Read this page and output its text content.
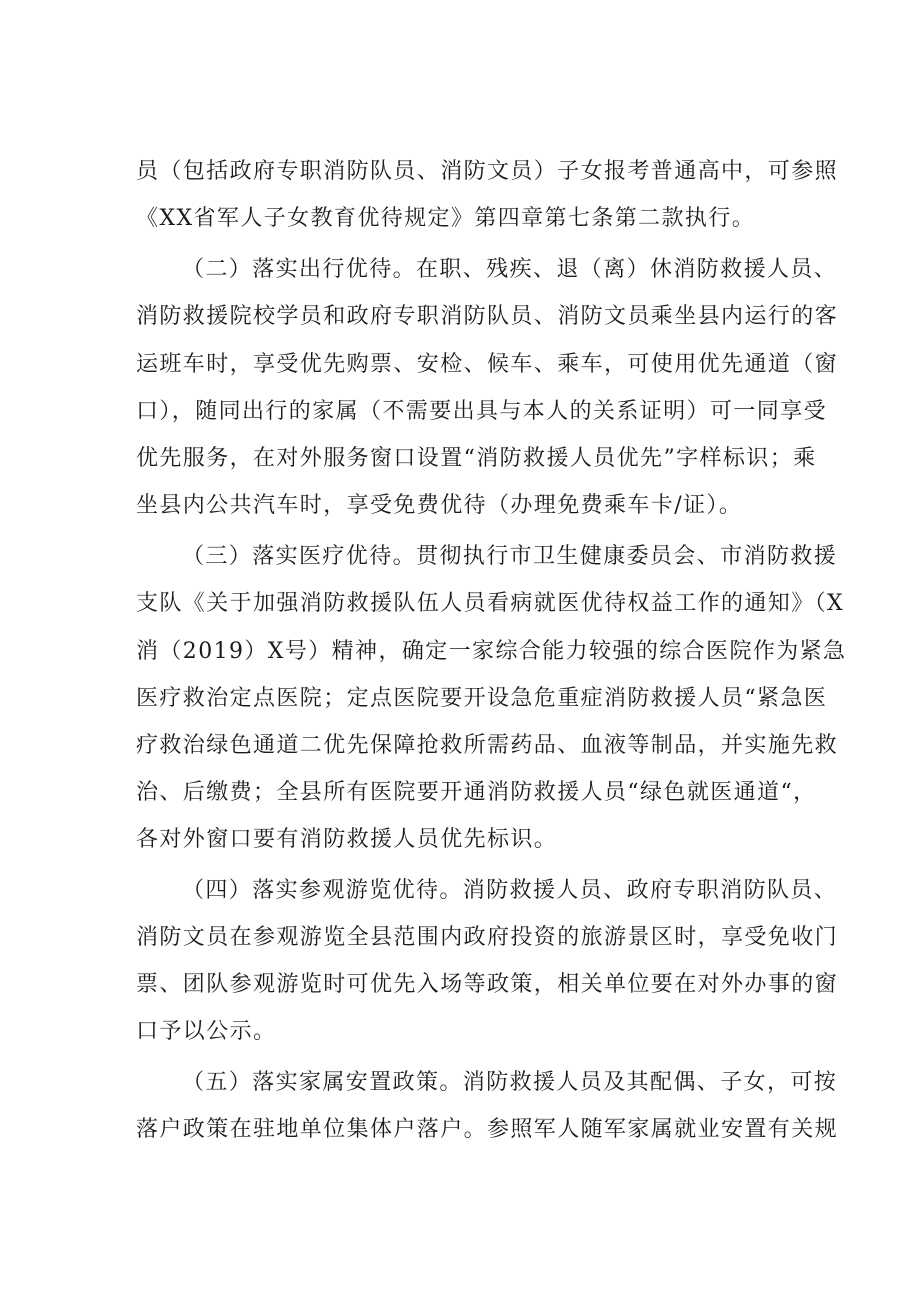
员（包括政府专职消防队员、消防文员）子女报考普通高中，可参照
《XX省军人子女教育优待规定》第四章第七条第二款执行。
（二）落实出行优待。在职、残疾、退（离）休消防救援人员、
消防救援院校学员和政府专职消防队员、消防文员乘坐县内运行的客
运班车时，享受优先购票、安检、候车、乘车，可使用优先通道（窗
口），随同出行的家属（不需要出具与本人的关系证明）可一同享受
优先服务，在对外服务窗口设置“消防救援人员优先”字样标识；乘
坐县内公共汽车时，享受免费优待（办理免费乘车卡/证）。
（三）落实医疗优待。贯彻执行市卫生健康委员会、市消防救援
支队《关于加强消防救援队伍人员看病就医优待权益工作的通知》（X
消（2019）X号）精神，确定一家综合能力较强的综合医院作为紧急
医疗救治定点医院；定点医院要开设急危重症消防救援人员“紧急医
疗救治绿色通道二优先保障抢救所需药品、血液等制品，并实施先救
治、后缴费；全县所有医院要开通消防救援人员“绿色就医通道“，
各对外窗口要有消防救援人员优先标识。
（四）落实参观游览优待。消防救援人员、政府专职消防队员、
消防文员在参观游览全县范围内政府投资的旅游景区时，享受免收门
票、团队参观游览时可优先入场等政策，相关单位要在对外办事的窗
口予以公示。
（五）落实家属安置政策。消防救援人员及其配偶、子女，可按
落户政策在驻地单位集体户落户。参照军人随军家属就业安置有关规
